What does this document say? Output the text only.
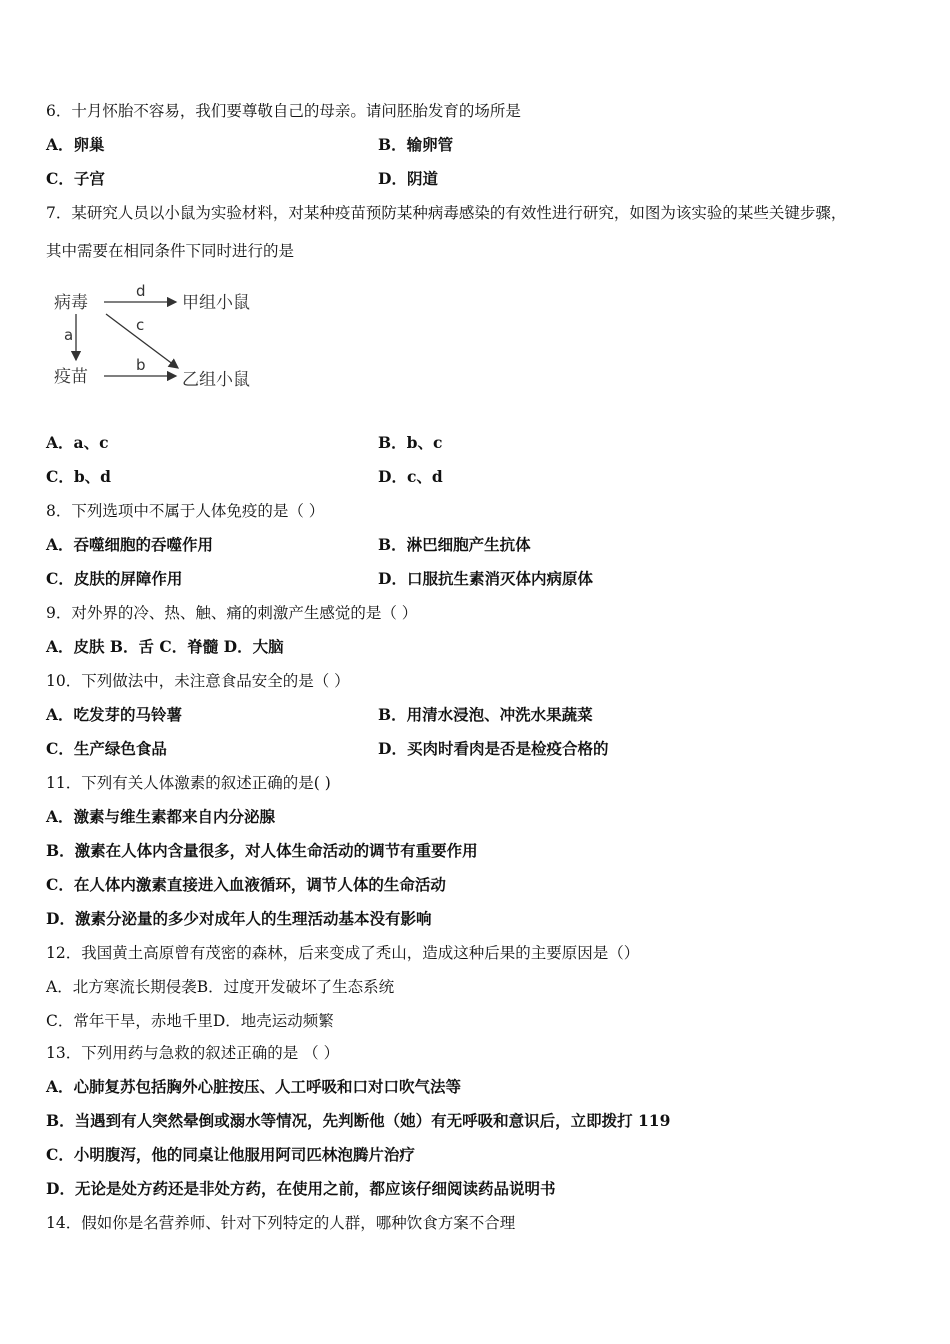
6．十月怀胎不容易，我们要尊敬自己的母亲。请问胚胎发育的场所是
A．卵巢	B．输卵管
C．子宫	D．阴道
7．某研究人员以小鼠为实验材料，对某种疫苗预防某种病毒感染的有效性进行研究，如图为该实验的某些关键步骤，
其中需要在相同条件下同时进行的是
病毒
疫苗
甲组小鼠
乙组小鼠
d
b
a
c
A．a、c	B．b、c
C．b、d	D．c、d
8．下列选项中不属于人体免疫的是（ ）
A．吞噬细胞的吞噬作用	B．淋巴细胞产生抗体
C．皮肤的屏障作用	D．口服抗生素消灭体内病原体
9．对外界的冷、热、触、痛的刺激产生感觉的是（ ）
A．皮肤 B．舌 C．脊髓 D．大脑
10．下列做法中，未注意食品安全的是（ ）
A．吃发芽的马铃薯	B．用清水浸泡、冲洗水果蔬菜
C．生产绿色食品	D．买肉时看肉是否是检疫合格的
11．下列有关人体激素的叙述正确的是( )
A．激素与维生素都来自内分泌腺
B．激素在人体内含量很多，对人体生命活动的调节有重要作用
C．在人体内激素直接进入血液循环，调节人体的生命活动
D．激素分泌量的多少对成年人的生理活动基本没有影响
12．我国黄土高原曾有茂密的森林，后来变成了秃山，造成这种后果的主要原因是（）
A．北方寒流长期侵袭B．过度开发破坏了生态系统
C．常年干旱，赤地千里D．地壳运动频繁
13．下列用药与急救的叙述正确的是 （ ）
A．心肺复苏包括胸外心脏按压、人工呼吸和口对口吹气法等
B．当遇到有人突然晕倒或溺水等情况，先判断他（她）有无呼吸和意识后，立即拨打 119
C．小明腹泻，他的同桌让他服用阿司匹林泡腾片治疗
D．无论是处方药还是非处方药，在使用之前，都应该仔细阅读药品说明书
14．假如你是名营养师、针对下列特定的人群，哪种饮食方案不合理
